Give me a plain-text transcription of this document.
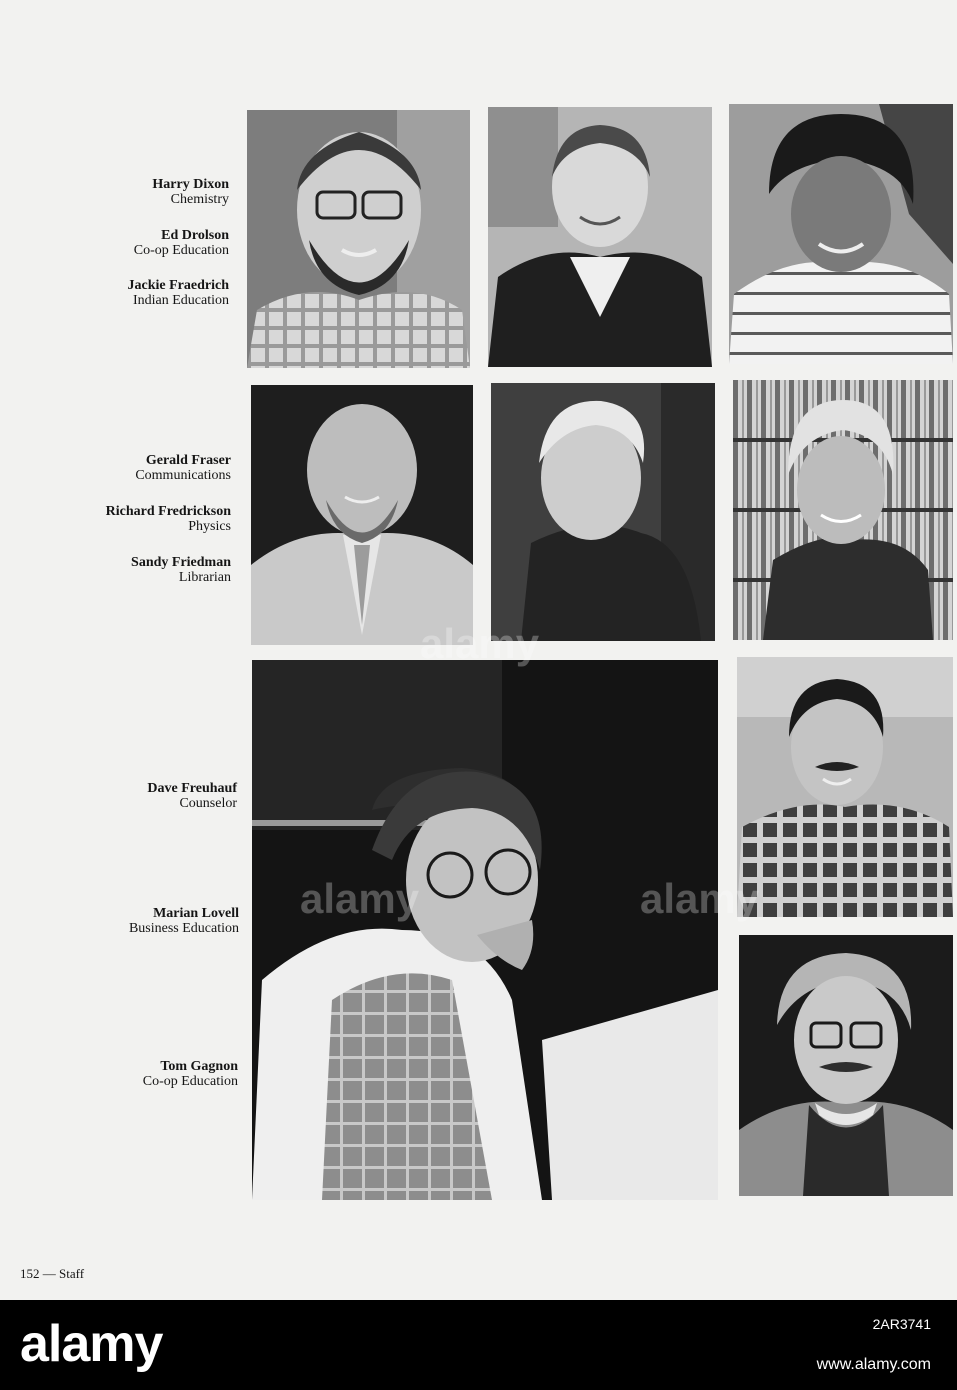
Harry Dixon
Chemistry
Ed Drolson
Co-op Education
Jackie Fraedrich
Indian Education
Gerald Fraser
Communications
Richard Fredrickson
Physics
Sandy Friedman
Librarian
Dave Freuhauf
Counselor
Marian Lovell
Business Education
Tom Gagnon
Co-op Education
alamy
alamy
alamy
152 — Staff
alamy	2AR3741
www.alamy.com
